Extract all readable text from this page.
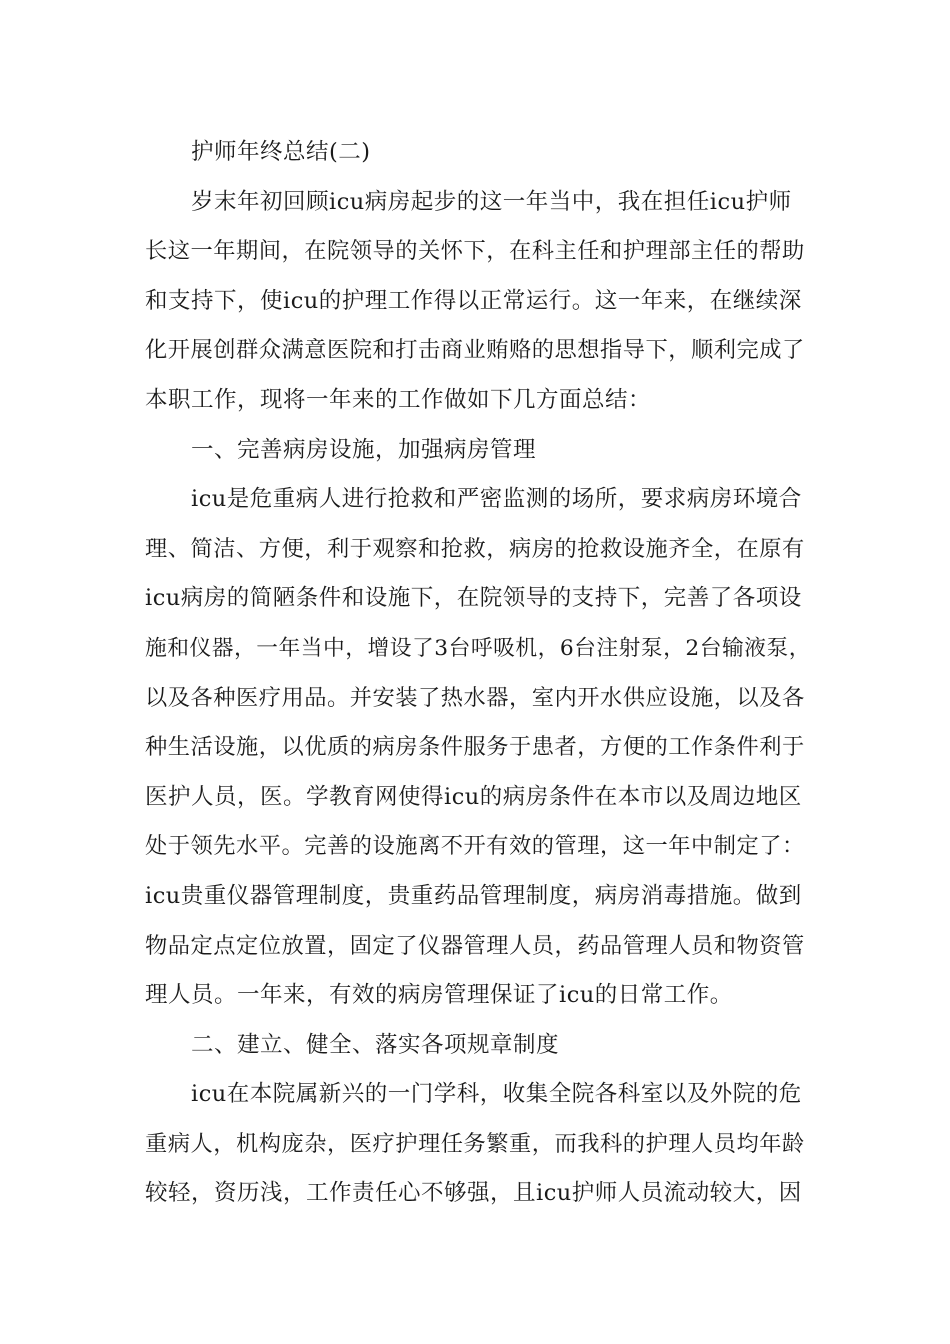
护师年终总结(二)
岁末年初回顾icu病房起步的这一年当中，我在担任icu护师
长这一年期间，在院领导的关怀下，在科主任和护理部主任的帮助
和支持下，使icu的护理工作得以正常运行。这一年来，在继续深
化开展创群众满意医院和打击商业贿赂的思想指导下，顺利完成了
本职工作，现将一年来的工作做如下几方面总结：
一、完善病房设施，加强病房管理
icu是危重病人进行抢救和严密监测的场所，要求病房环境合
理、简洁、方便，利于观察和抢救，病房的抢救设施齐全，在原有
icu病房的简陋条件和设施下，在院领导的支持下，完善了各项设
施和仪器，一年当中，增设了3台呼吸机，6台注射泵，2台输液泵，
以及各种医疗用品。并安装了热水器，室内开水供应设施，以及各
种生活设施，以优质的病房条件服务于患者，方便的工作条件利于
医护人员，医。学教育网使得icu的病房条件在本市以及周边地区
处于领先水平。完善的设施离不开有效的管理，这一年中制定了：
icu贵重仪器管理制度，贵重药品管理制度，病房消毒措施。做到
物品定点定位放置，固定了仪器管理人员，药品管理人员和物资管
理人员。一年来，有效的病房管理保证了icu的日常工作。
二、建立、健全、落实各项规章制度
icu在本院属新兴的一门学科，收集全院各科室以及外院的危
重病人，机构庞杂，医疗护理任务繁重，而我科的护理人员均年龄
较轻，资历浅，工作责任心不够强，且icu护师人员流动较大，因
